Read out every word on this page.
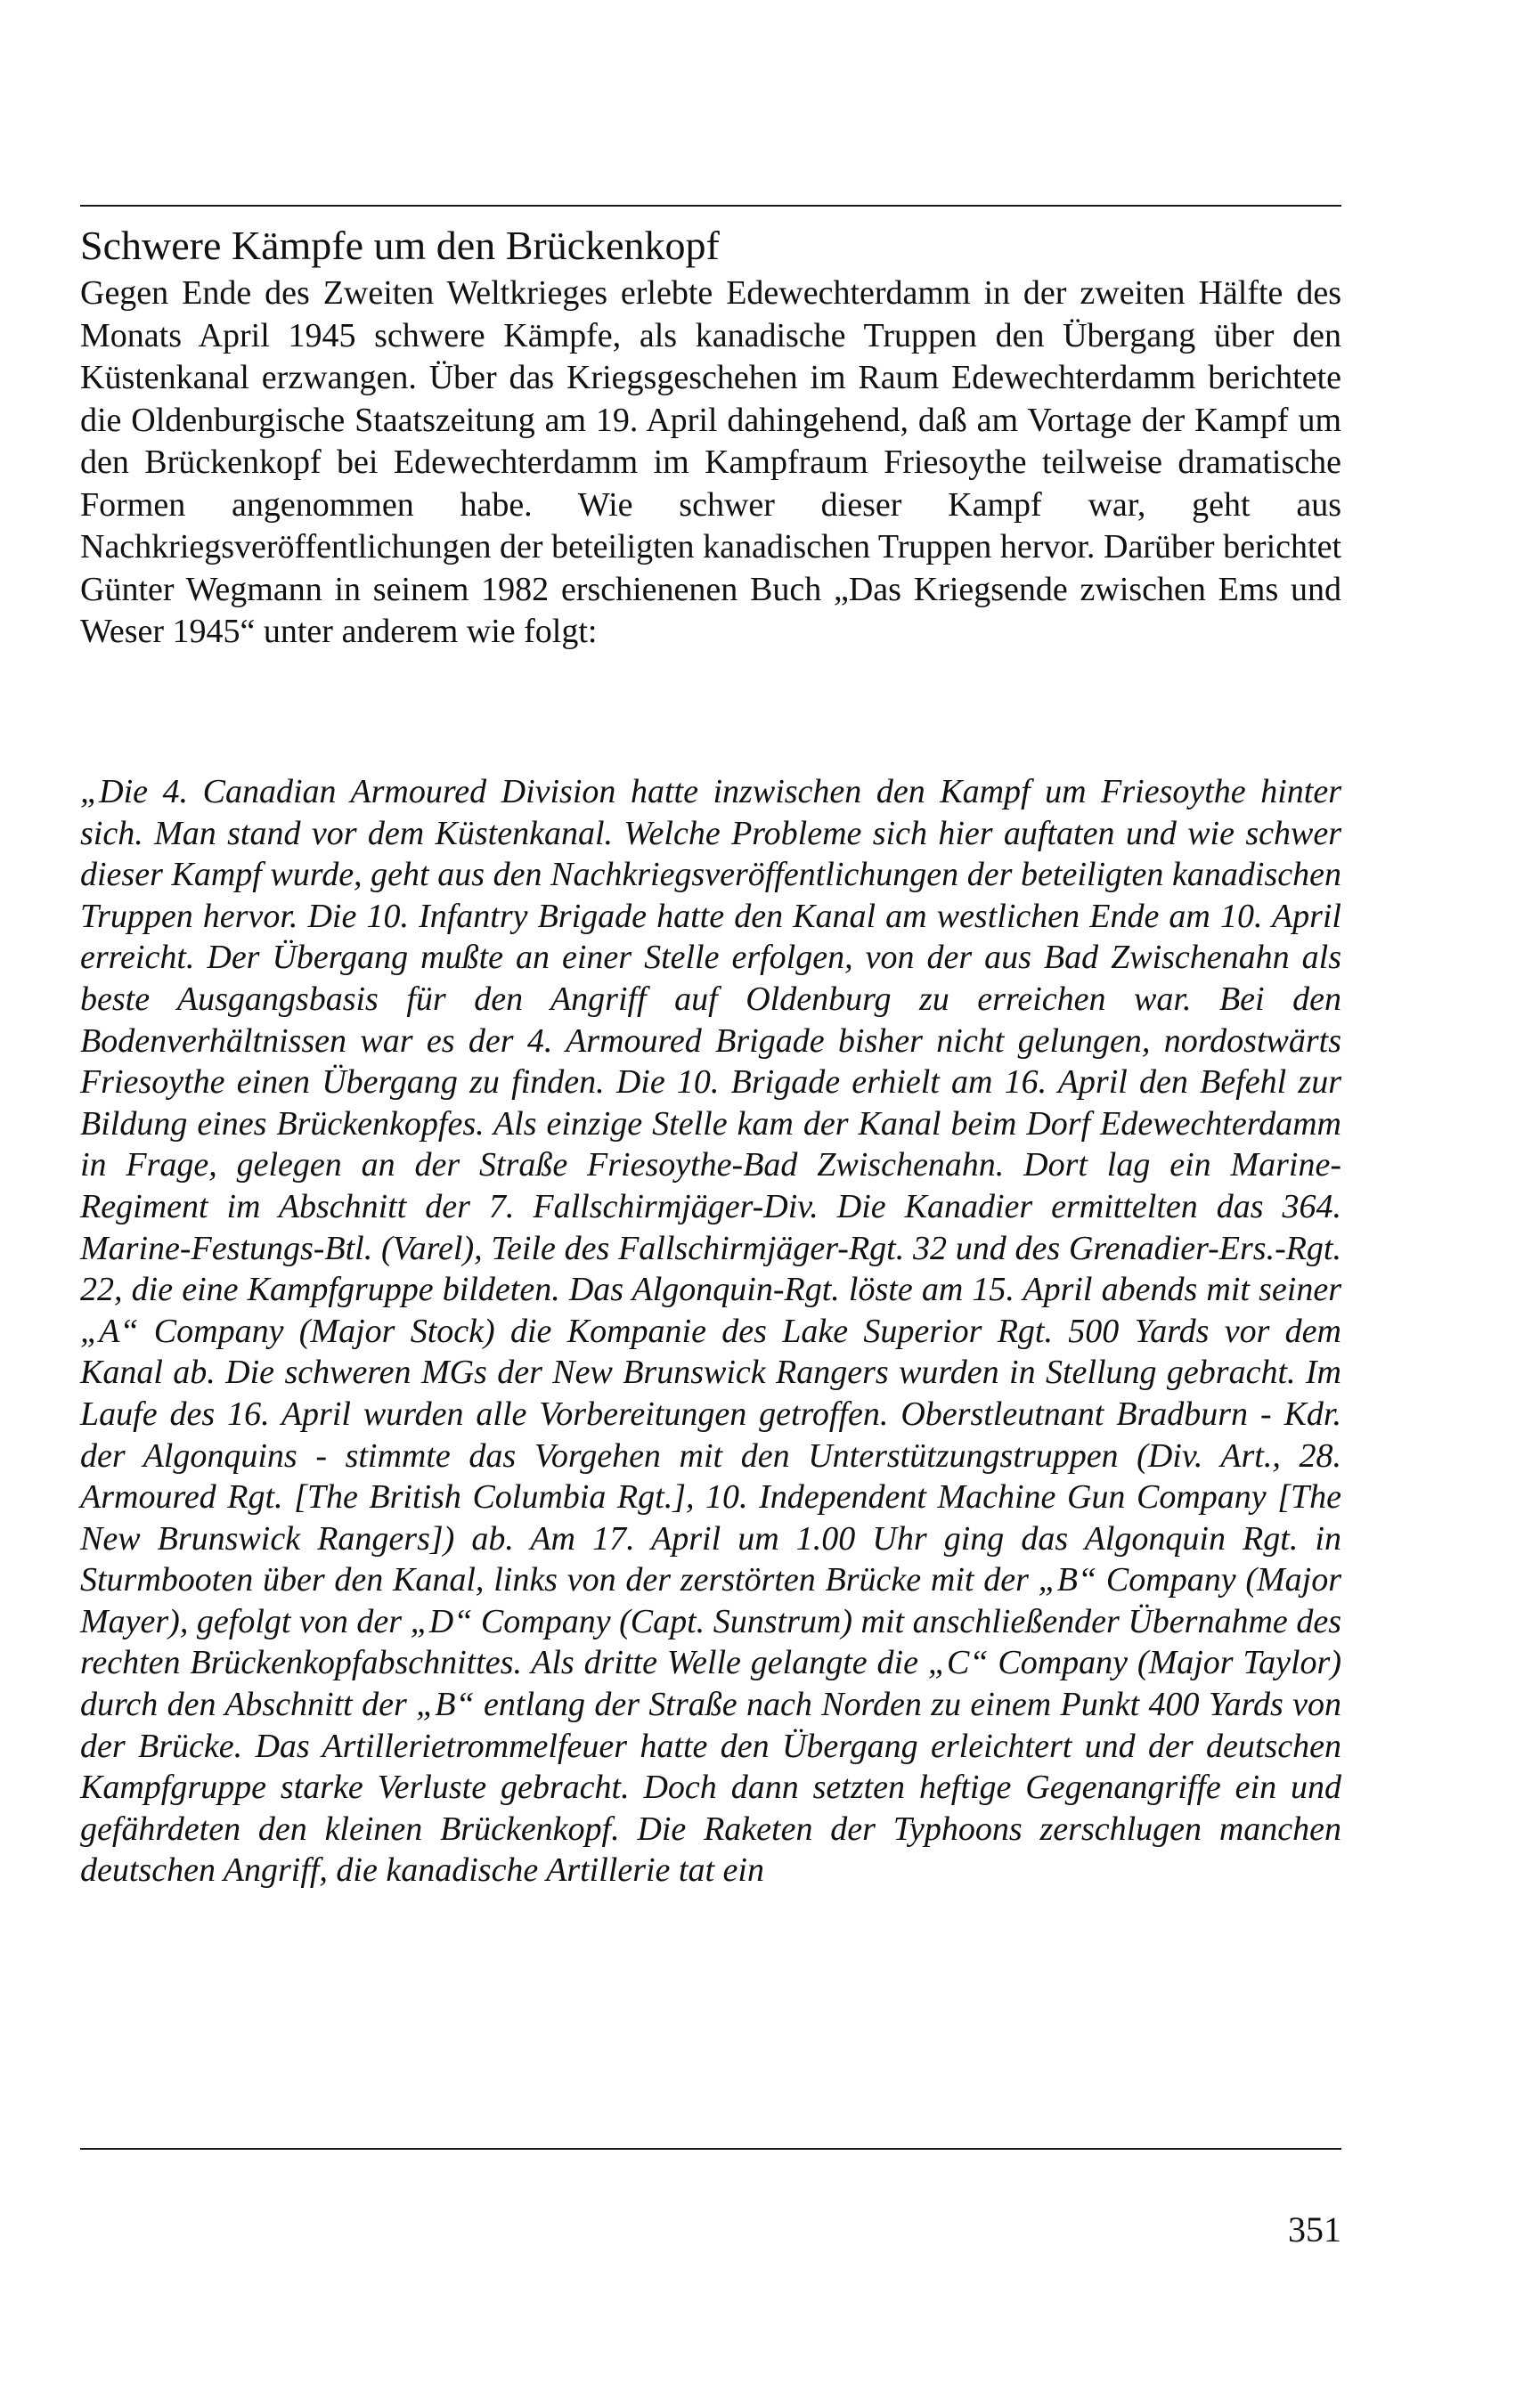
Schwere Kämpfe um den Brückenkopf

Gegen Ende des Zweiten Weltkrieges erlebte Edewechterdamm in der zweiten Hälfte des Monats April 1945 schwere Kämpfe, als kanadische Truppen den Übergang über den Küstenkanal erzwangen. Über das Kriegsgeschehen im Raum Edewechterdamm berichtete die Oldenburgische Staatszeitung am 19. April dahingehend, daß am Vortage der Kampf um den Brückenkopf bei Edewechterdamm im Kampfraum Friesoythe teilweise dramatische Formen angenommen habe. Wie schwer dieser Kampf war, geht aus Nachkriegsveröffentlichungen der beteiligten kanadischen Truppen hervor. Darüber berichtet Günter Wegmann in seinem 1982 erschienenen Buch „Das Kriegsende zwischen Ems und Weser 1945“ unter anderem wie folgt:

„Die 4. Canadian Armoured Division hatte inzwischen den Kampf um Friesoythe hinter sich. Man stand vor dem Küstenkanal. Welche Probleme sich hier auftaten und wie schwer dieser Kampf wurde, geht aus den Nachkriegsveröffentlichungen der beteiligten kanadischen Truppen hervor. Die 10. Infantry Brigade hatte den Kanal am westlichen Ende am 10. April erreicht. Der Übergang mußte an einer Stelle erfolgen, von der aus Bad Zwischenahn als beste Ausgangsbasis für den Angriff auf Oldenburg zu erreichen war. Bei den Bodenverhältnissen war es der 4. Armoured Brigade bisher nicht gelungen, nordostwärts Friesoythe einen Übergang zu finden. Die 10. Brigade erhielt am 16. April den Befehl zur Bildung eines Brückenkopfes. Als einzige Stelle kam der Kanal beim Dorf Edewechterdamm in Frage, gelegen an der Straße Friesoythe-Bad Zwischenahn. Dort lag ein Marine-Regiment im Abschnitt der 7. Fallschirmjäger-Div. Die Kanadier ermittelten das 364. Marine-Festungs-Btl. (Varel), Teile des Fallschirmjäger-Rgt. 32 und des Grenadier-Ers.-Rgt. 22, die eine Kampfgruppe bildeten. Das Algonquin-Rgt. löste am 15. April abends mit seiner „A“ Company (Major Stock) die Kompanie des Lake Superior Rgt. 500 Yards vor dem Kanal ab. Die schweren MGs der New Brunswick Rangers wurden in Stellung gebracht. Im Laufe des 16. April wurden alle Vorbereitungen getroffen. Oberstleutnant Bradburn - Kdr. der Algonquins - stimmte das Vorgehen mit den Unterstützungstruppen (Div. Art., 28. Armoured Rgt. [The British Columbia Rgt.], 10. Independent Machine Gun Company [The New Brunswick Rangers]) ab. Am 17. April um 1.00 Uhr ging das Algonquin Rgt. in Sturmbooten über den Kanal, links von der zerstörten Brücke mit der „B“ Company (Major Mayer), gefolgt von der „D“ Company (Capt. Sunstrum) mit anschließender Übernahme des rechten Brückenkopfabschnittes. Als dritte Welle gelangte die „C“ Company (Major Taylor) durch den Abschnitt der „B“ entlang der Straße nach Norden zu einem Punkt 400 Yards von der Brücke. Das Artillerietrommelfeuer hatte den Übergang erleichtert und der deutschen Kampfgruppe starke Verluste gebracht. Doch dann setzten heftige Gegenangriffe ein und gefährdeten den kleinen Brückenkopf. Die Raketen der Typhoons zerschlugen manchen deutschen Angriff, die kanadische Artillerie tat ein

351
